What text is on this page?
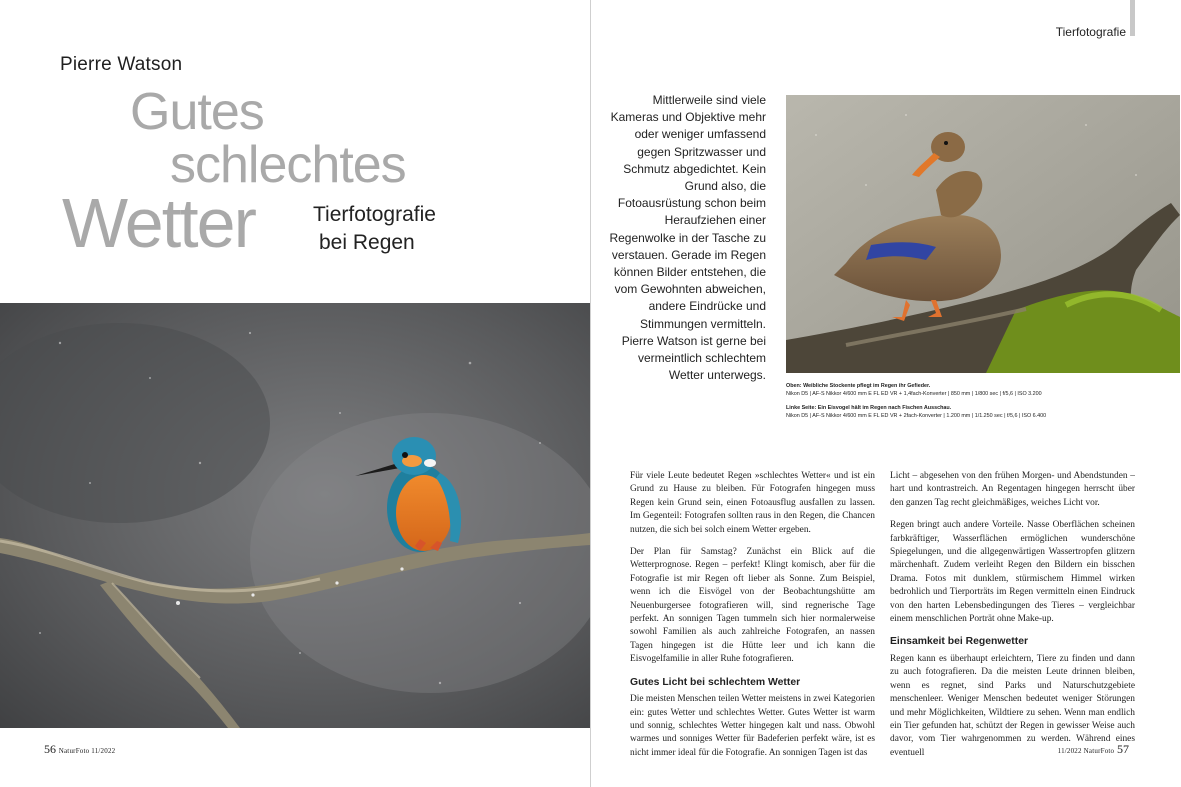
Pierre Watson
Gutes
schlechtes
Wetter	Tierfotografie
bei Regen
56 NaturFoto 11/2022
Tierfotografie
Mittlerweile sind viele Kameras und Objektive mehr oder weniger umfassend gegen Spritzwasser und Schmutz abgedichtet. Kein Grund also, die Fotoausrüstung schon beim Heraufziehen einer Regenwolke in der Tasche zu verstauen. Gerade im Regen können Bilder entstehen, die vom Gewohnten abweichen, andere Eindrücke und Stimmungen vermitteln. Pierre Watson ist gerne bei vermeintlich schlechtem Wetter unterwegs.
Oben: Weibliche Stockente pflegt im Regen ihr Gefieder.
Nikon D5 | AF-S Nikkor 4/600 mm E FL ED VR + 1,4fach-Konverter | 850 mm | 1/800 sec | f/5,6 | ISO 3.200
Linke Seite: Ein Eisvogel hält im Regen nach Fischen Ausschau.
Nikon D5 | AF-S Nikkor 4/600 mm E FL ED VR + 2fach-Konverter | 1.200 mm | 1/1.250 sec | f/5,6 | ISO 6.400
11/2022 NaturFoto 57

Für viele Leute bedeutet Regen »schlechtes Wetter« und ist ein Grund zu Hause zu bleiben. Für Fotografen hingegen muss Regen kein Grund sein, einen Fotoausflug ausfallen zu lassen. Im Gegenteil: Fotografen sollten raus in den Regen, die Chancen nutzen, die sich bei solch einem Wetter ergeben.

Der Plan für Samstag? Zunächst ein Blick auf die Wetterprognose. Regen – perfekt! Klingt komisch, aber für die Fotografie ist mir Regen oft lieber als Sonne. Zum Beispiel, wenn ich die Eisvögel von der Beobachtungshütte am Neuenburgersee fotografieren will, sind regnerische Tage perfekt. An sonnigen Tagen tummeln sich hier normalerweise sowohl Familien als auch zahlreiche Fotografen, an nassen Tagen hingegen ist die Hütte leer und ich kann die Eisvogelfamilie in aller Ruhe fotografieren.

Gutes Licht bei schlechtem Wetter

Die meisten Menschen teilen Wetter meistens in zwei Kategorien ein: gutes Wetter und schlechtes Wetter. Gutes Wetter ist warm und sonnig, schlechtes Wetter hingegen kalt und nass. Obwohl warmes und sonniges Wetter für Badeferien perfekt wäre, ist es nicht immer ideal für die Fotografie. An sonnigen Tagen ist das

Licht – abgesehen von den frühen Morgen- und Abendstunden – hart und kontrastreich. An Regentagen hingegen herrscht über den ganzen Tag recht gleichmäßiges, weiches Licht vor.

Regen bringt auch andere Vorteile. Nasse Oberflächen scheinen farbkräftiger, Wasserflächen ermöglichen wunderschöne Spiegelungen, und die allgegenwärtigen Wassertropfen glitzern märchenhaft. Zudem verleiht Regen den Bildern ein bisschen Drama. Fotos mit dunklem, stürmischem Himmel wirken bedrohlich und Tierporträts im Regen vermitteln einen Eindruck von den harten Lebensbedingungen des Tieres – vergleichbar einem menschlichen Porträt ohne Make-up.

Einsamkeit bei Regenwetter

Regen kann es überhaupt erleichtern, Tiere zu finden und dann zu auch fotografieren. Da die meisten Leute drinnen bleiben, wenn es regnet, sind Parks und Naturschutzgebiete menschenleer. Weniger Menschen bedeutet weniger Störungen und mehr Möglichkeiten, Wildtiere zu sehen. Wenn man endlich ein Tier gefunden hat, schützt der Regen in gewisser Weise auch davor, vom Tier wahrgenommen zu werden. Während eines eventuell
